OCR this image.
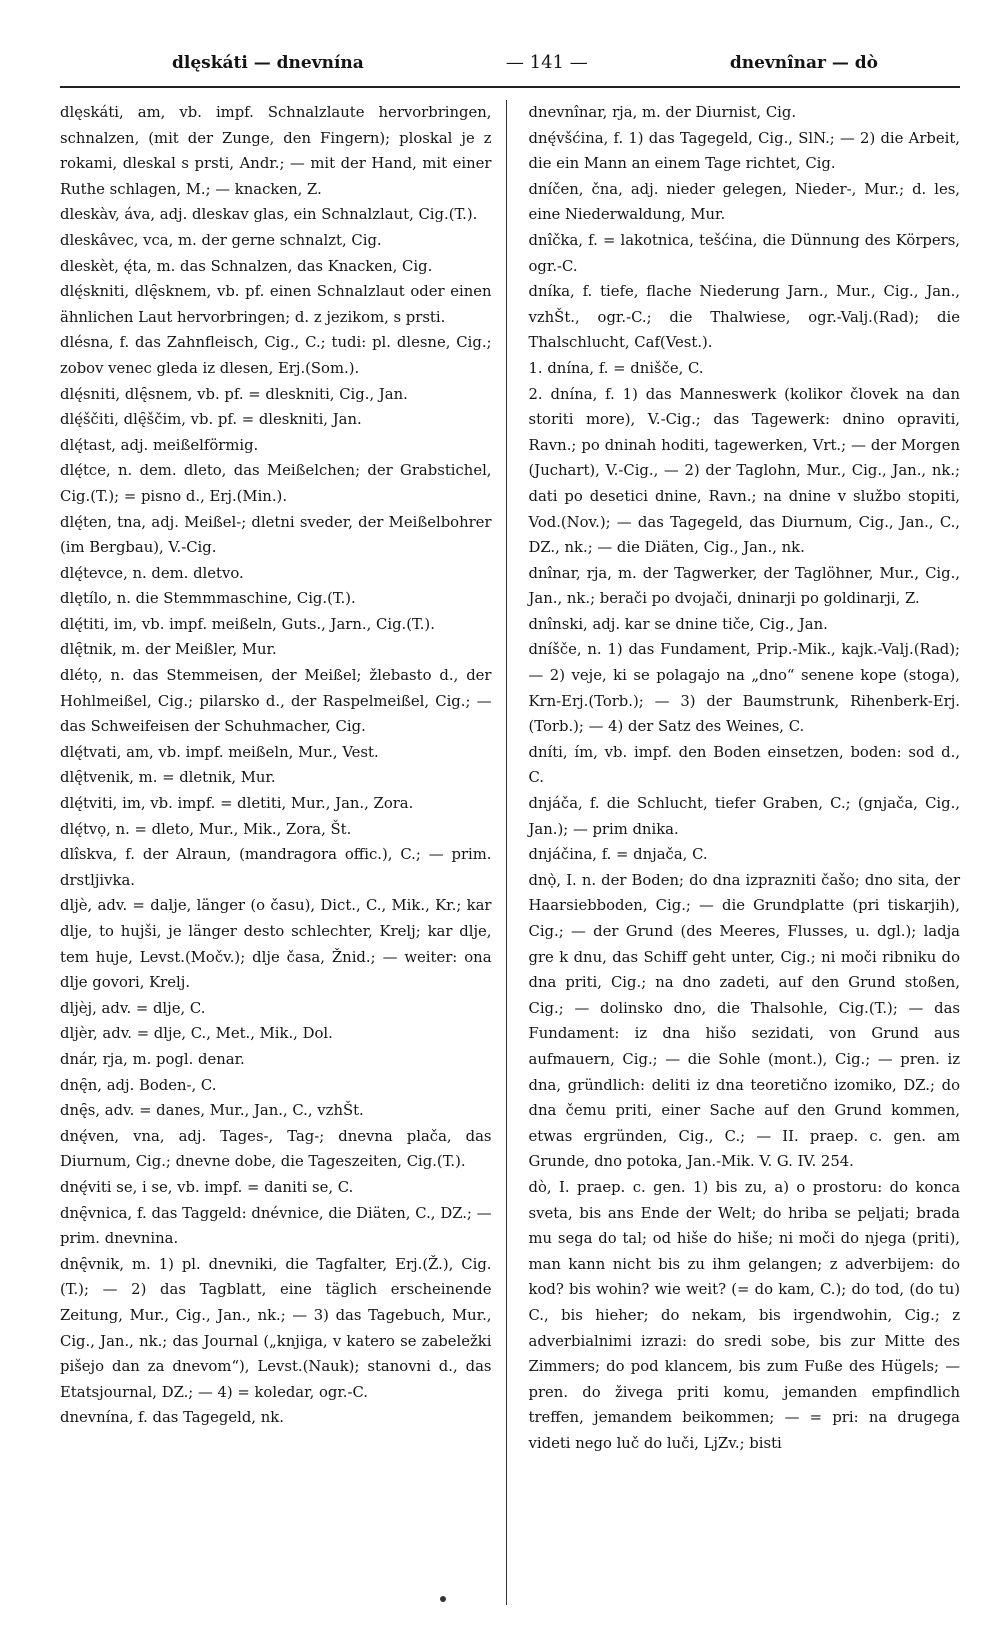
dlęskáti — dnevnína	— 141 —	dnevnînar — dò

dlęskáti, am, vb. impf. Schnalzlaute hervorbringen, schnalzen, (mit der Zunge, den Fingern); ploskal je z rokami, dleskal s prsti, Andr.; — mit der Hand, mit einer Ruthe schlagen, M.; — knacken, Z.

dleskàv, áva, adj. dleskav glas, ein Schnalzlaut, Cig.(T.).

dleskâvec, vca, m. der gerne schnalzt, Cig.

dleskèt, ę́ta, m. das Schnalzen, das Knacken, Cig.

dlę́skniti, dlę̑sknem, vb. pf. einen Schnalzlaut oder einen ähnlichen Laut hervorbringen; d. z jezikom, s prsti.

dlésna, f. das Zahnfleisch, Cig., C.; tudi: pl. dlesne, Cig.; zobov venec gleda iz dlesen, Erj.(Som.).

dlę́sniti, dlę̑snem, vb. pf. = dleskniti, Cig., Jan.

dlę́ščiti, dlę̑ščim, vb. pf. = dleskniti, Jan.

dlę́tast, adj. meißelförmig.

dlę́tce, n. dem. dleto, das Meißelchen; der Grabstichel, Cig.(T.); = pisno d., Erj.(Min.).

dlę́ten, tna, adj. Meißel-; dletni sveder, der Meißelbohrer (im Bergbau), V.-Cig.

dlę́tevce, n. dem. dletvo.

dlętílo, n. die Stemmmaschine, Cig.(T.).

dlę́titi, im, vb. impf. meißeln, Guts., Jarn., Cig.(T.).

dlę̑tnik, m. der Meißler, Mur.

dlétọ, n. das Stemmeisen, der Meißel; žlebasto d., der Hohlmeißel, Cig.; pilarsko d., der Raspelmeißel, Cig.; — das Schweifeisen der Schuhmacher, Cig.

dlę́tvati, am, vb. impf. meißeln, Mur., Vest.

dlę̑tvenik, m. = dletnik, Mur.

dlę́tviti, im, vb. impf. = dletiti, Mur., Jan., Zora.

dlę́tvọ, n. = dleto, Mur., Mik., Zora, Št.

dlîskva, f. der Alraun, (mandragora offic.), C.; — prim. drstljivka.

dljè, adv. = dalje, länger (o času), Dict., C., Mik., Kr.; kar dlje, to hujši, je länger desto schlechter, Krelj; kar dlje, tem huje, Levst.(Močv.); dlje časa, Žnid.; — weiter: ona dlje govori, Krelj.

dljèj, adv. = dlje, C.

dljèr, adv. = dlje, C., Met., Mik., Dol.

dnár, rja, m. pogl. denar.

dnę̑n, adj. Boden-, C.

dnę̑s, adv. = danes, Mur., Jan., C., vzhŠt.

dnę́ven, vna, adj. Tages-, Tag-; dnevna plača, das Diurnum, Cig.; dnevne dobe, die Tageszeiten, Cig.(T.).

dnę́viti se, i se, vb. impf. = daniti se, C.

dnę̑vnica, f. das Taggeld: dnévnice, die Diäten, C., DZ.; — prim. dnevnina.

dnę̑vnik, m. 1) pl. dnevniki, die Tagfalter, Erj.(Ž.), Cig.(T.); — 2) das Tagblatt, eine täglich erscheinende Zeitung, Mur., Cig., Jan., nk.; — 3) das Tagebuch, Mur., Cig., Jan., nk.; das Journal („knjiga, v katero se zabeležki pišejo dan za dnevom“), Levst.(Nauk); stanovni d., das Etatsjournal, DZ.; — 4) = koledar, ogr.-C.

dnevnína, f. das Tagegeld, nk.

dnevnînar, rja, m. der Diurnist, Cig.

dnę́všćina, f. 1) das Tagegeld, Cig., SlN.; — 2) die Arbeit, die ein Mann an einem Tage richtet, Cig.

dníčen, čna, adj. nieder gelegen, Nieder-, Mur.; d. les, eine Niederwaldung, Mur.

dnîčka, f. = lakotnica, tešćina, die Dünnung des Körpers, ogr.-C.

dníka, f. tiefe, flache Niederung Jarn., Mur., Cig., Jan., vzhŠt., ogr.-C.; die Thalwiese, ogr.-Valj.(Rad); die Thalschlucht, Caf(Vest.).

1. dnína, f. = dnišče, C.

2. dnína, f. 1) das Manneswerk (kolikor človek na dan storiti more), V.-Cig.; das Tagewerk: dnino opraviti, Ravn.; po dninah hoditi, tagewerken, Vrt.; — der Morgen (Juchart), V.-Cig., — 2) der Taglohn, Mur., Cig., Jan., nk.; dati po desetici dnine, Ravn.; na dnine v službo stopiti, Vod.(Nov.); — das Tagegeld, das Diurnum, Cig., Jan., C., DZ., nk.; — die Diäten, Cig., Jan., nk.

dnînar, rja, m. der Tagwerker, der Taglöhner, Mur., Cig., Jan., nk.; berači po dvojači, dninarji po goldinarji, Z.

dnînski, adj. kar se dnine tiče, Cig., Jan.

dníšče, n. 1) das Fundament, Prip.-Mik., kajk.-Valj.(Rad);— 2) veje, ki se polagajo na „dno“ senene kope (stoga), Krn-Erj.(Torb.); — 3) der Baumstrunk, Rihenberk-Erj.(Torb.); — 4) der Satz des Weines, C.

dníti, ím, vb. impf. den Boden einsetzen, boden: sod d., C.

dnjáča, f. die Schlucht, tiefer Graben, C.; (gnjača, Cig., Jan.); — prim dnika.

dnjáčina, f. = dnjača, C.

dnọ̀, I. n. der Boden; do dna izprazniti čašo; dno sita, der Haarsiebboden, Cig.; — die Grundplatte (pri tiskarjih), Cig.; — der Grund (des Meeres, Flusses, u. dgl.); ladja gre k dnu, das Schiff geht unter, Cig.; ni moči ribniku do dna priti, Cig.; na dno zadeti, auf den Grund stoßen, Cig.; — dolinsko dno, die Thalsohle, Cig.(T.); — das Fundament: iz dna hišo sezidati, von Grund aus aufmauern, Cig.; — die Sohle (mont.), Cig.; — pren. iz dna, gründlich: deliti iz dna teoretično izomiko, DZ.; do dna čemu priti, einer Sache auf den Grund kommen, etwas ergründen, Cig., C.; — II. praep. c. gen. am Grunde, dno potoka, Jan.-Mik. V. G. IV. 254.

dò, I. praep. c. gen. 1) bis zu, a) o prostoru: do konca sveta, bis ans Ende der Welt; do hriba se peljati; brada mu sega do tal; od hiše do hiše; ni moči do njega (priti), man kann nicht bis zu ihm gelangen; z adverbijem: do kod? bis wohin? wie weit? (= do kam, C.); do tod, (do tu) C., bis hieher; do nekam, bis irgendwohin, Cig.; z adverbialnimi izrazi: do sredi sobe, bis zur Mitte des Zimmers; do pod klancem, bis zum Fuße des Hügels; — pren. do živega priti komu, jemanden empfindlich treffen, jemandem beikommen; — = pri: na drugega videti nego luč do luči, LjZv.; bisti
